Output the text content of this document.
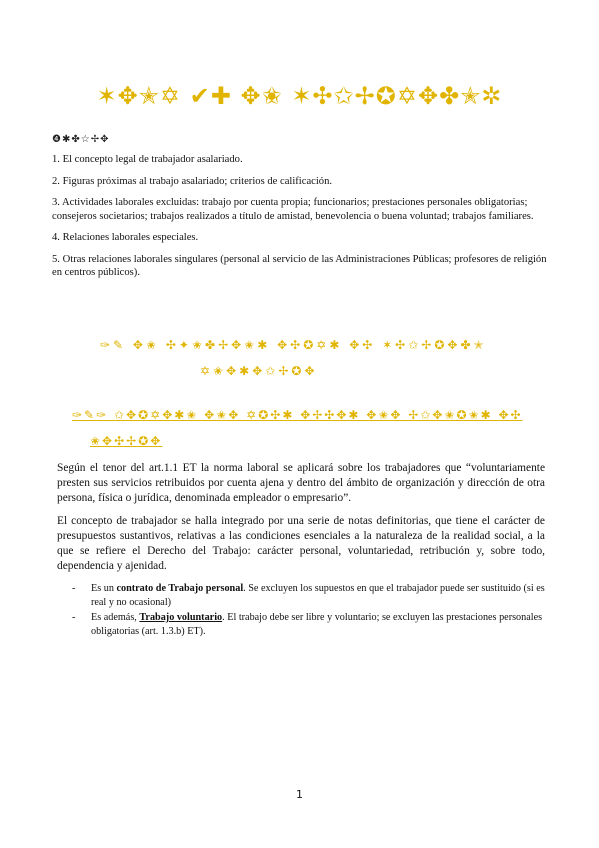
✶✥✭✡ ✔✚ ✥✬ ✶✣✩✢✪✡✥✤✭✲
❹✱✤☆✢✥

1. El concepto legal de trabajador asalariado.

2. Figuras próximas al trabajo asalariado; criterios de calificación.

3. Actividades laborales excluidas: trabajo por cuenta propia; funcionarios; prestaciones personales obligatorias; consejeros societarios; trabajos realizados a título de amistad, benevolencia o buena voluntad; trabajos familiares.

4. Relaciones laborales especiales.

5. Otras relaciones laborales singulares (personal al servicio de las Administraciones Públicas; profesores de religión en centros públicos).

✑✎ ✥✬ ✣✦✬✤✢✥✬✱ ✥✣✪✡✱ ✥✣ ✶✣✩✢✪✥✤✭
✡✬✥✱✥✩✢✪✥
✑✎✑ ✩✥✪✡✥✱✬ ✥✬✥ ✡✪✣✱ ✥✢✣✥✱ ✥✬✥ ✢✩✥✬✪✬✱ ✥✣
✬✥✣✢✪✥
Según el tenor del art.1.1 ET la norma laboral se aplicará sobre los trabajadores que “voluntariamente presten sus servicios retribuidos por cuenta ajena y dentro del ámbito de organización y dirección de otra persona, física o jurídica, denominada empleador o empresario”.
El concepto de trabajador se halla integrado por una serie de notas definitorias, que tiene el carácter de presupuestos sustantivos, relativas a las condiciones esenciales a la naturaleza de la realidad social, a la que se refiere el Derecho del Trabajo: carácter personal, voluntariedad, retribución y, sobre todo, dependencia y ajenidad.
- Es un contrato de Trabajo personal. Se excluyen los supuestos en que el trabajador puede ser sustituido (si es real y no ocasional)
- Es además, Trabajo voluntario. El trabajo debe ser libre y voluntario; se excluyen las prestaciones personales obligatorias (art. 1.3.b) ET).
1
